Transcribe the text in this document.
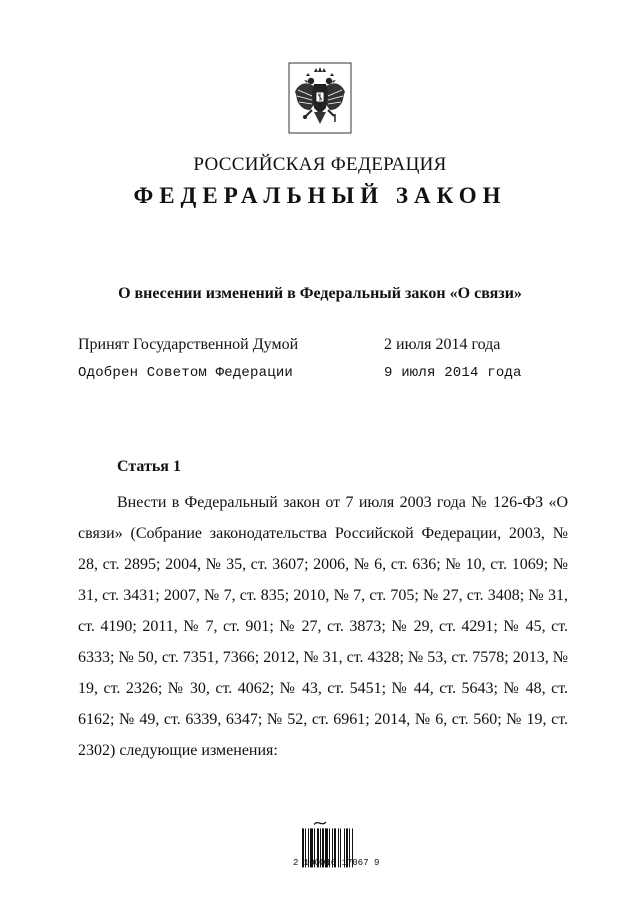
РОССИЙСКАЯ ФЕДЕРАЦИЯ
ФЕДЕРАЛЬНЫЙ ЗАКОН
О внесении изменений в Федеральный закон «О связи»
Принят Государственной Думой	2 июля 2014 года
Одобрен Советом Федерации	9 июля 2014 года
Статья 1
Внести в Федеральный закон от 7 июля 2003 года № 126-ФЗ «О связи» (Собрание законодательства Российской Федерации, 2003, № 28, ст. 2895; 2004, № 35, ст. 3607; 2006, № 6, ст. 636; № 10, ст. 1069; № 31, ст. 3431; 2007, № 7, ст. 835; 2010, № 7, ст. 705; № 27, ст. 3408; № 31, ст. 4190; 2011, № 7, ст. 901; № 27, ст. 3873; № 29, ст. 4291; № 45, ст. 6333; № 50, ст. 7351, 7366; 2012, № 31, ст. 4328; № 53, ст. 7578; 2013, № 19, ст. 2326; № 30, ст. 4062; № 43, ст. 5451; № 44, ст. 5643; № 48, ст. 6162; № 49, ст. 6339, 6347; № 52, ст. 6961; 2014, № 6, ст. 560; № 19, ст. 2302) следующие изменения:
2 100016 17067 9
